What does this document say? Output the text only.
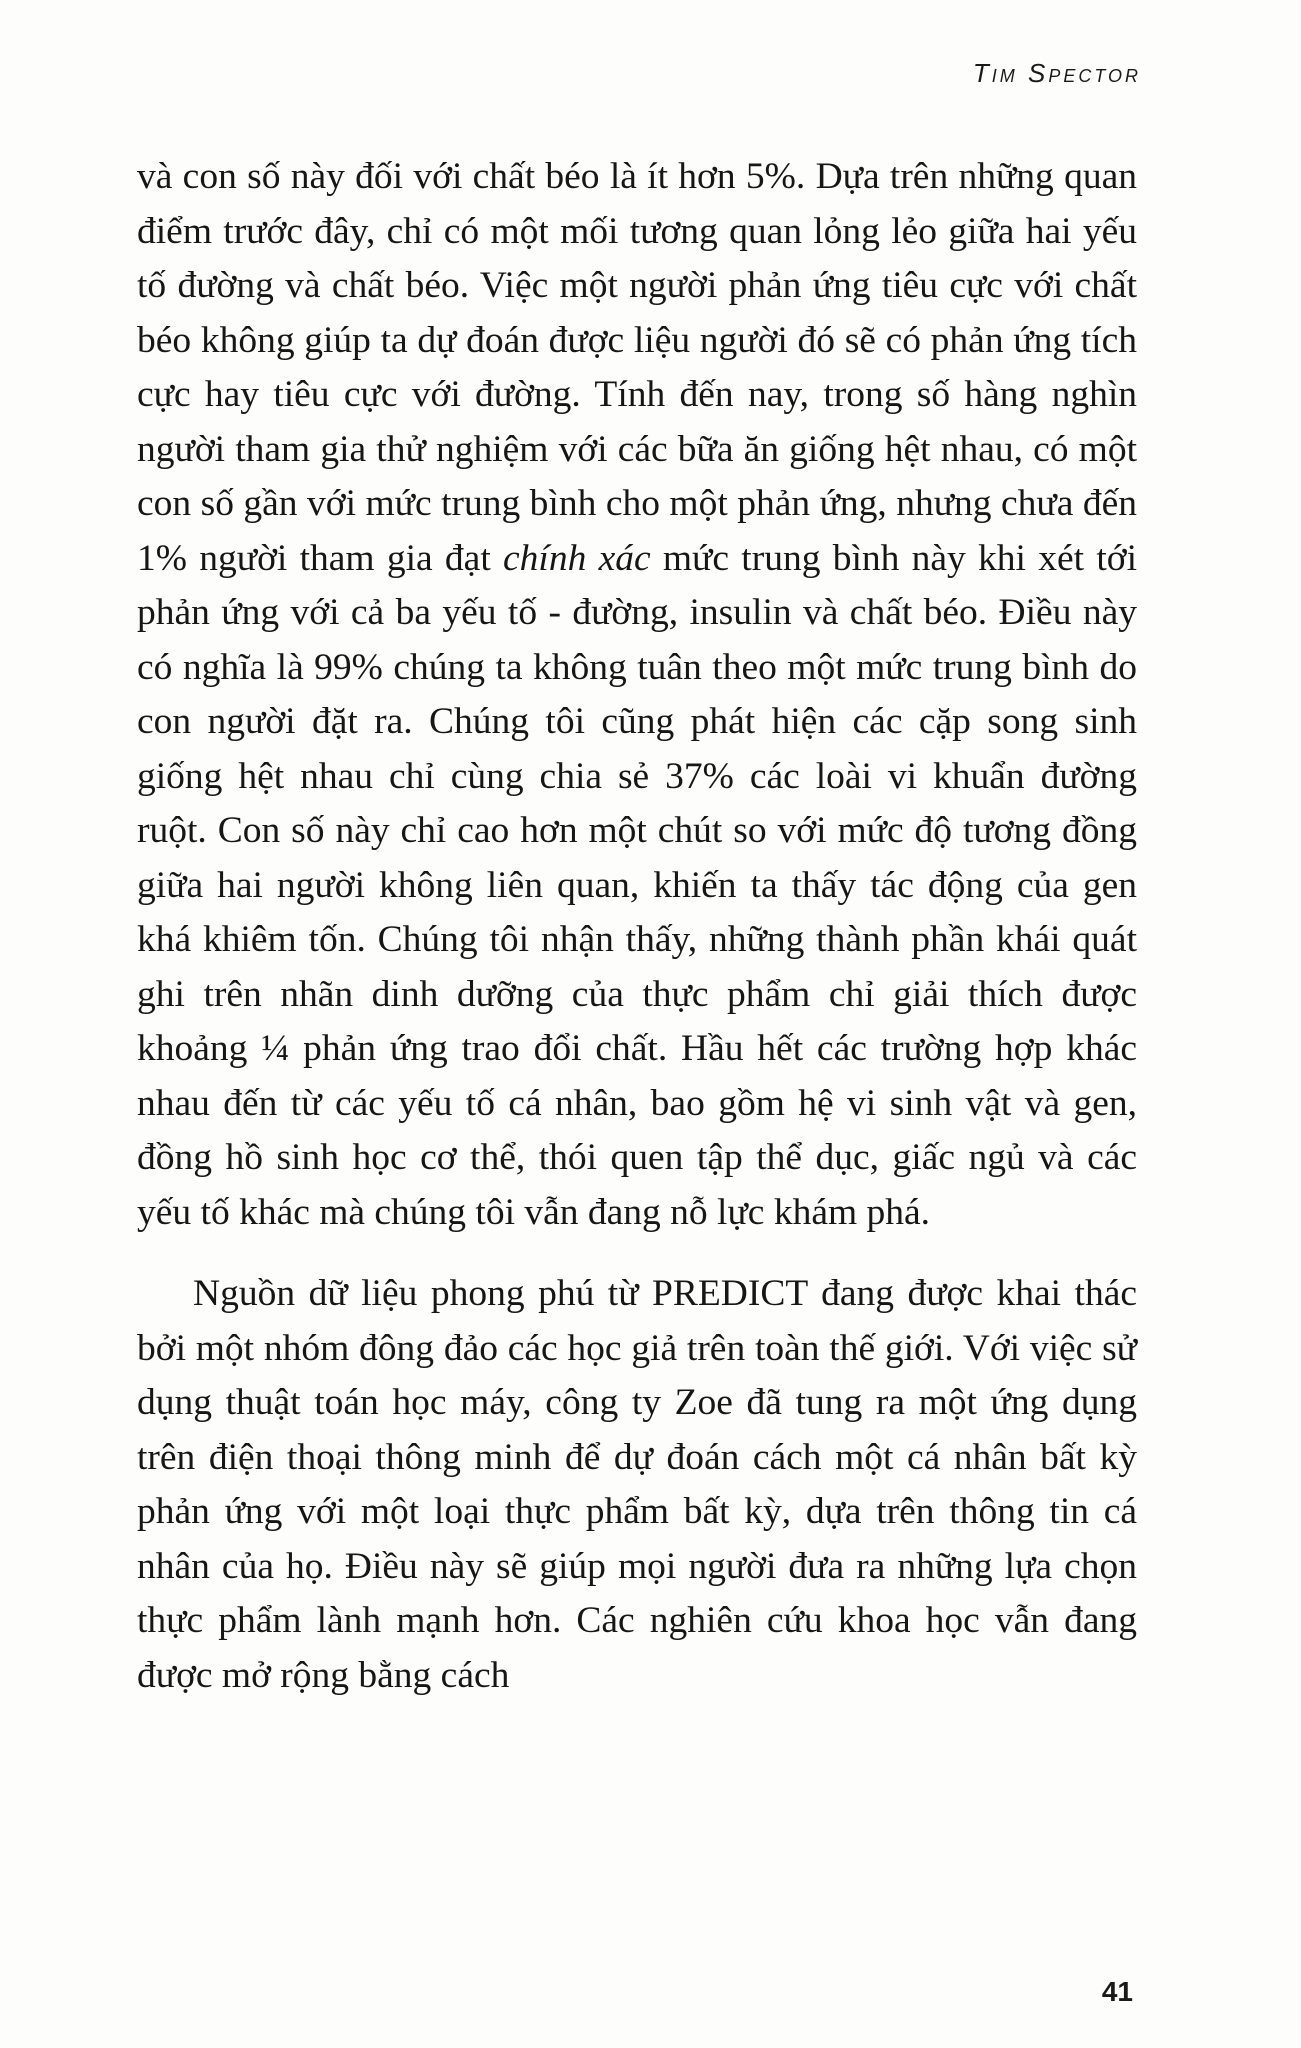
Tim Spector

và con số này đối với chất béo là ít hơn 5%. Dựa trên những quan điểm trước đây, chỉ có một mối tương quan lỏng lẻo giữa hai yếu tố đường và chất béo. Việc một người phản ứng tiêu cực với chất béo không giúp ta dự đoán được liệu người đó sẽ có phản ứng tích cực hay tiêu cực với đường. Tính đến nay, trong số hàng nghìn người tham gia thử nghiệm với các bữa ăn giống hệt nhau, có một con số gần với mức trung bình cho một phản ứng, nhưng chưa đến 1% người tham gia đạt chính xác mức trung bình này khi xét tới phản ứng với cả ba yếu tố - đường, insulin và chất béo. Điều này có nghĩa là 99% chúng ta không tuân theo một mức trung bình do con người đặt ra. Chúng tôi cũng phát hiện các cặp song sinh giống hệt nhau chỉ cùng chia sẻ 37% các loài vi khuẩn đường ruột. Con số này chỉ cao hơn một chút so với mức độ tương đồng giữa hai người không liên quan, khiến ta thấy tác động của gen khá khiêm tốn. Chúng tôi nhận thấy, những thành phần khái quát ghi trên nhãn dinh dưỡng của thực phẩm chỉ giải thích được khoảng ¼ phản ứng trao đổi chất. Hầu hết các trường hợp khác nhau đến từ các yếu tố cá nhân, bao gồm hệ vi sinh vật và gen, đồng hồ sinh học cơ thể, thói quen tập thể dục, giấc ngủ và các yếu tố khác mà chúng tôi vẫn đang nỗ lực khám phá.

Nguồn dữ liệu phong phú từ PREDICT đang được khai thác bởi một nhóm đông đảo các học giả trên toàn thế giới. Với việc sử dụng thuật toán học máy, công ty Zoe đã tung ra một ứng dụng trên điện thoại thông minh để dự đoán cách một cá nhân bất kỳ phản ứng với một loại thực phẩm bất kỳ, dựa trên thông tin cá nhân của họ. Điều này sẽ giúp mọi người đưa ra những lựa chọn thực phẩm lành mạnh hơn. Các nghiên cứu khoa học vẫn đang được mở rộng bằng cách

41
